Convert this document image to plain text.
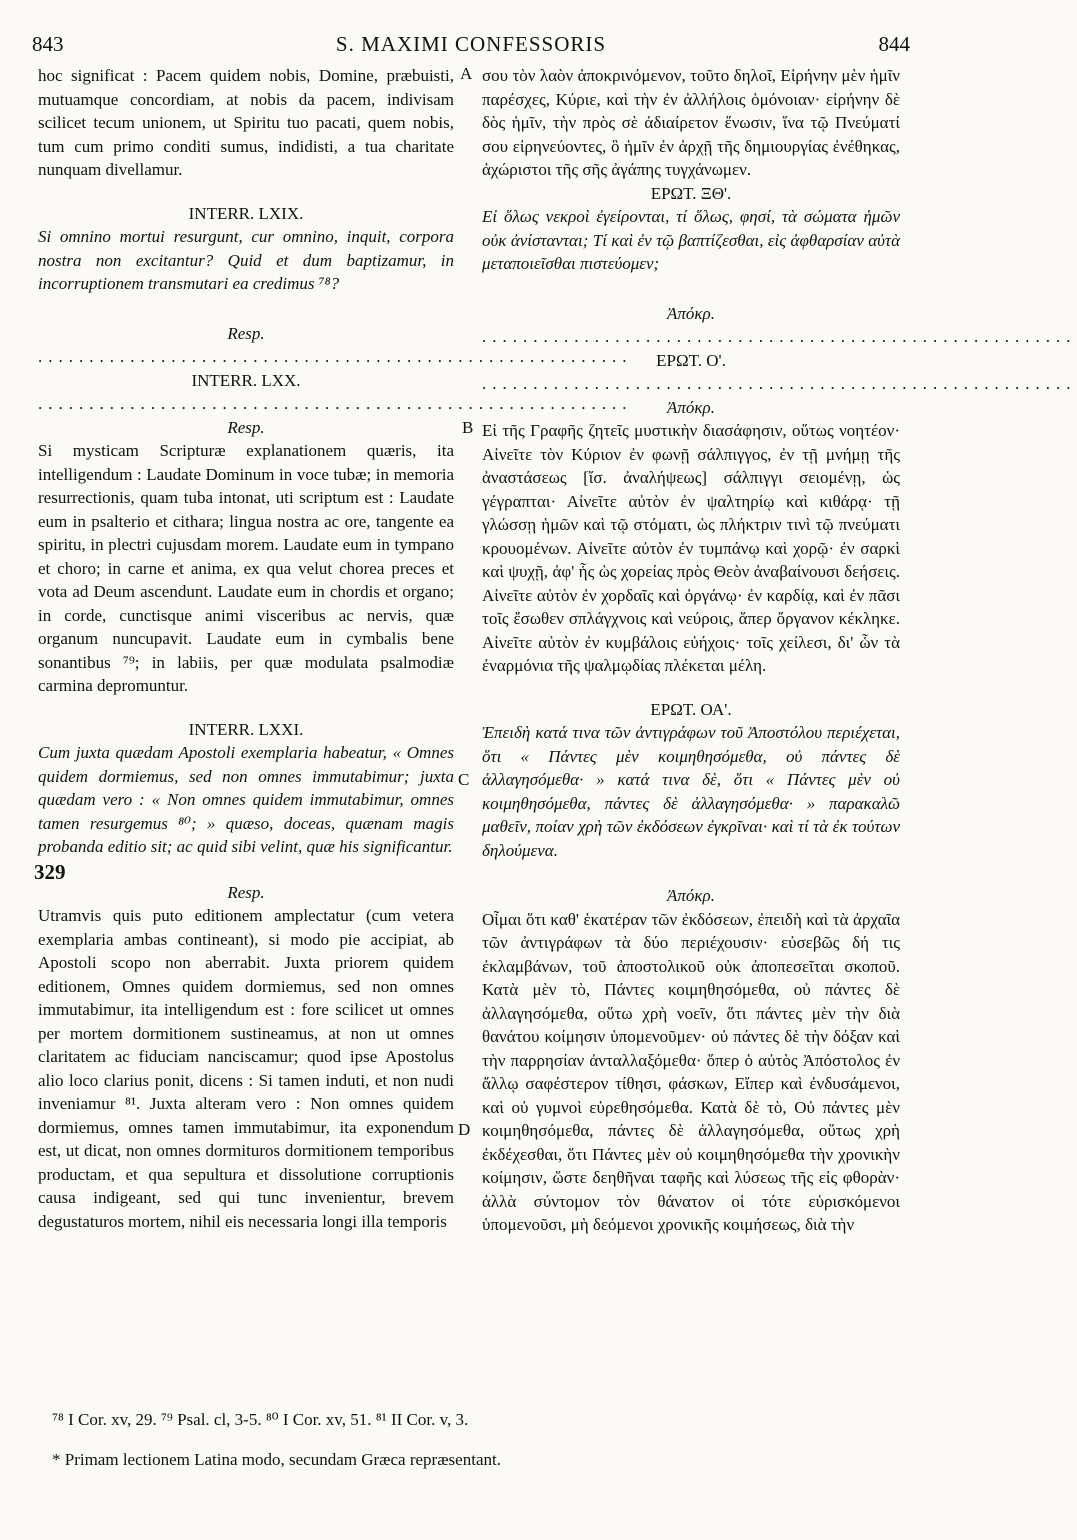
843	S. MAXIMI CONFESSORIS	844
A
B
C
D
329

hoc significat : Pacem quidem nobis, Domine, præbuisti, mutuamque concordiam, at nobis da pacem, indivisam scilicet tecum unionem, ut Spiritu tuo pacati, quem nobis, tum cum primo conditi sumus, indidisti, a tua charitate nunquam divellamur.

INTERR. LXIX.

Si omnino mortui resurgunt, cur omnino, inquit, corpora nostra non excitantur? Quid et dum baptizamur, in incorruptionem transmutari ea credimus ⁷⁸?

Resp.

..........................................................

INTERR. LXX.

..........................................................

Resp.

Si mysticam Scripturæ explanationem quæris, ita intelligendum : Laudate Dominum in voce tubæ; in memoria resurrectionis, quam tuba intonat, uti scriptum est : Laudate eum in psalterio et cithara; lingua nostra ac ore, tangente ea spiritu, in plectri cujusdam morem. Laudate eum in tympano et choro; in carne et anima, ex qua velut chorea preces et vota ad Deum ascendunt. Laudate eum in chordis et organo; in corde, cunctisque animi visceribus ac nervis, quæ organum nuncupavit. Laudate eum in cymbalis bene sonantibus ⁷⁹; in labiis, per quæ modulata psalmodiæ carmina depromuntur.

INTERR. LXXI.

Cum juxta quædam Apostoli exemplaria habeatur, « Omnes quidem dormiemus, sed non omnes immutabimur; juxta quædam vero : « Non omnes quidem immutabimur, omnes tamen resurgemus ⁸⁰; » quæso, doceas, quænam magis probanda editio sit; ac quid sibi velint, quæ his significantur.

Resp.

Utramvis quis puto editionem amplectatur (cum vetera exemplaria ambas contineant), si modo pie accipiat, ab Apostoli scopo non aberrabit. Juxta priorem quidem editionem, Omnes quidem dormiemus, sed non omnes immutabimur, ita intelligendum est : fore scilicet ut omnes per mortem dormitionem sustineamus, at non ut omnes claritatem ac fiduciam nanciscamur; quod ipse Apostolus alio loco clarius ponit, dicens : Si tamen induti, et non nudi inveniamur ⁸¹. Juxta alteram vero : Non omnes quidem dormiemus, omnes tamen immutabimur, ita exponendum est, ut dicat, non omnes dormituros dormitionem temporibus productam, et qua sepultura et dissolutione corruptionis causa indigeant, sed qui tunc invenientur, brevem degustaturos mortem, nihil eis necessaria longi illa temporis

σου τὸν λαὸν ἀποκρινόμενον, τοῦτο δηλοῖ, Εἰρήνην μὲν ἡμῖν παρέσχες, Κύριε, καὶ τὴν ἐν ἀλλήλοις ὁμόνοιαν· εἰρήνην δὲ δὸς ἡμῖν, τὴν πρὸς σὲ ἀδιαίρετον ἕνωσιν, ἵνα τῷ Πνεύματί σου εἰρηνεύοντες, ὃ ἡμῖν ἐν ἀρχῇ τῆς δημιουργίας ἐνέθηκας, ἀχώριστοι τῆς σῆς ἀγάπης τυγχάνωμεν.

ΕΡΩΤ. ΞΘ'.

Εἰ ὅλως νεκροὶ ἐγείρονται, τί ὅλως, φησί, τὰ σώματα ἡμῶν οὐκ ἀνίστανται; Τί καὶ ἐν τῷ βαπτίζεσθαι, εἰς ἀφθαρσίαν αὐτὰ μεταποιεῖσθαι πιστεύομεν;

Ἀπόκρ.

..........................................................

ΕΡΩΤ. Ο'.

..........................................................

Ἀπόκρ.

Εἰ τῆς Γραφῆς ζητεῖς μυστικὴν διασάφησιν, οὕτως νοητέον· Αἰνεῖτε τὸν Κύριον ἐν φωνῇ σάλπιγγος, ἐν τῇ μνήμῃ τῆς ἀναστάσεως [ἴσ. ἀναλήψεως] σάλπιγγι σειομένῃ, ὡς γέγραπται· Αἰνεῖτε αὐτὸν ἐν ψαλτηρίῳ καὶ κιθάρᾳ· τῇ γλώσσῃ ἡμῶν καὶ τῷ στόματι, ὡς πλήκτριν τινὶ τῷ πνεύματι κρουομένων. Αἰνεῖτε αὐτὸν ἐν τυμπάνῳ καὶ χορῷ· ἐν σαρκὶ καὶ ψυχῇ, ἀφ' ἧς ὡς χορείας πρὸς Θεὸν ἀναβαίνουσι δεήσεις. Αἰνεῖτε αὐτὸν ἐν χορδαῖς καὶ ὀργάνῳ· ἐν καρδίᾳ, καὶ ἐν πᾶσι τοῖς ἔσωθεν σπλάγχνοις καὶ νεύροις, ἅπερ ὄργανον κέκληκε. Αἰνεῖτε αὐτὸν ἐν κυμβάλοις εὐήχοις· τοῖς χείλεσι, δι' ὧν τὰ ἐναρμόνια τῆς ψαλμῳδίας πλέκεται μέλη.

ΕΡΩΤ. ΟΑ'.

Ἐπειδὴ κατά τινα τῶν ἀντιγράφων τοῦ Ἀποστόλου περιέχεται, ὅτι « Πάντες μὲν κοιμηθησόμεθα, οὐ πάντες δὲ ἀλλαγησόμεθα· » κατά τινα δὲ, ὅτι « Πάντες μὲν οὐ κοιμηθησόμεθα, πάντες δὲ ἀλλαγησόμεθα· » παρακαλῶ μαθεῖν, ποίαν χρὴ τῶν ἐκδόσεων ἐγκρῖναι· καὶ τί τὰ ἐκ τούτων δηλούμενα.

Ἀπόκρ.

Οἶμαι ὅτι καθ' ἑκατέραν τῶν ἐκδόσεων, ἐπειδὴ καὶ τὰ ἀρχαῖα τῶν ἀντιγράφων τὰ δύο περιέχουσιν· εὐσεβῶς δή τις ἐκλαμβάνων, τοῦ ἀποστολικοῦ οὐκ ἀποπεσεῖται σκοποῦ. Κατὰ μὲν τὸ, Πάντες κοιμηθησόμεθα, οὐ πάντες δὲ ἀλλαγησόμεθα, οὕτω χρὴ νοεῖν, ὅτι πάντες μὲν τὴν διὰ θανάτου κοίμησιν ὑπομενοῦμεν· οὐ πάντες δὲ τὴν δόξαν καὶ τὴν παρρησίαν ἀνταλλαξόμεθα· ὅπερ ὁ αὐτὸς Ἀπόστολος ἐν ἄλλῳ σαφέστερον τίθησι, φάσκων, Εἴπερ καὶ ἐνδυσάμενοι, καὶ οὐ γυμνοὶ εὑρεθησόμεθα. Κατὰ δὲ τὸ, Οὐ πάντες μὲν κοιμηθησόμεθα, πάντες δὲ ἀλλαγησόμεθα, οὕτως χρὴ ἐκδέχεσθαι, ὅτι Πάντες μὲν οὐ κοιμηθησόμεθα τὴν χρονικὴν κοίμησιν, ὥστε δεηθῆναι ταφῆς καὶ λύσεως τῆς εἰς φθορὰν· ἀλλὰ σύντομον τὸν θάνατον οἱ τότε εὑρισκόμενοι ὑπομενοῦσι, μὴ δεόμενοι χρονικῆς κοιμήσεως, διὰ τὴν

⁷⁸ I Cor. xv, 29. ⁷⁹ Psal. cl, 3-5. ⁸⁰ I Cor. xv, 51. ⁸¹ II Cor. v, 3.
* Primam lectionem Latina modo, secundam Græca repræsentant.
